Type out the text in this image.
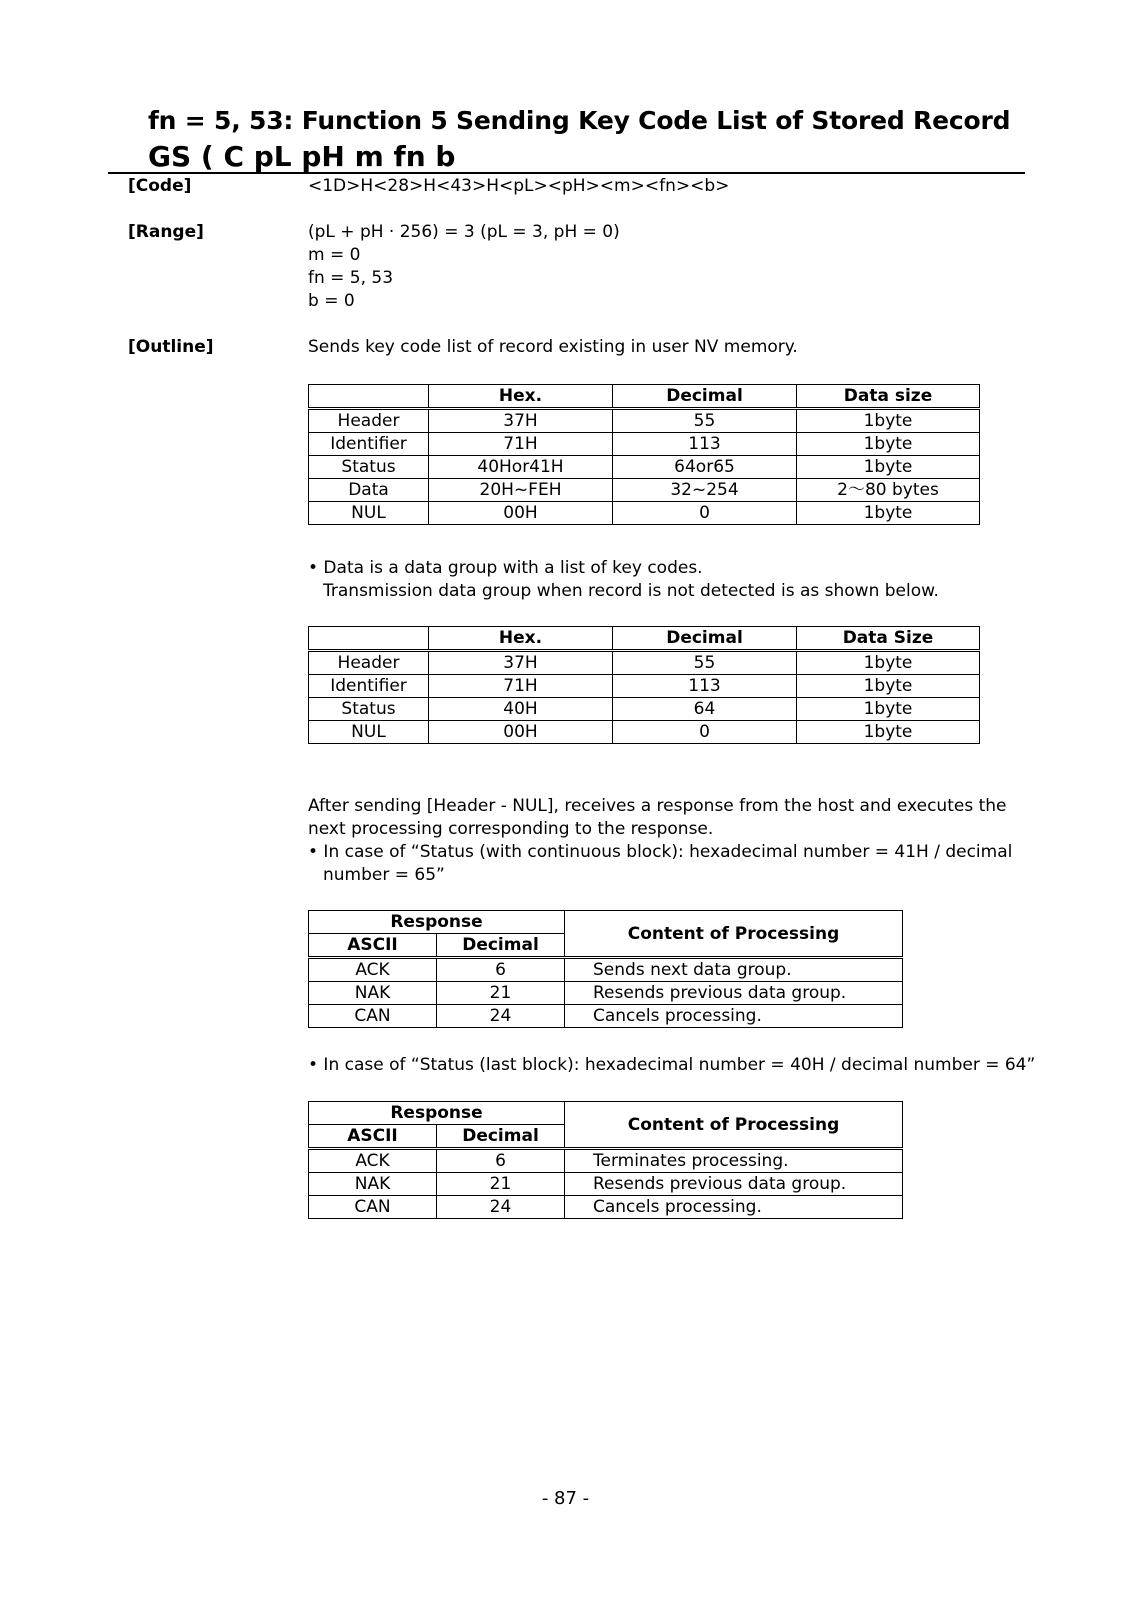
fn = 5, 53: Function 5 Sending Key Code List of Stored Record
GS ( C pL pH m fn b
[Code]	<1D>H<28>H<43>H<pL><pH><m><fn><b>
[Range]	(pL + pH · 256) = 3 (pL = 3, pH = 0)
m = 0
fn = 5, 53
b = 0
[Outline]	Sends key code list of record existing in user NV memory.
	Hex.	Decimal	Data size
Header	37H	55	1byte
Identifier	71H	113	1byte
Status	40Hor41H	64or65	1byte
Data	20H~FEH	32~254	2〜80 bytes
NUL	00H	0	1byte
• Data is a data group with a list of key codes.
Transmission data group when record is not detected is as shown below.
	Hex.	Decimal	Data Size
Header	37H	55	1byte
Identifier	71H	113	1byte
Status	40H	64	1byte
NUL	00H	0	1byte
After sending [Header - NUL], receives a response from the host and executes the
next processing corresponding to the response.
• In case of “Status (with continuous block): hexadecimal number = 41H / decimal
number = 65”
Response		Content of Processing
ASCII	Decimal	
ACK	6	Sends next data group.
NAK	21	Resends previous data group.
CAN	24	Cancels processing.
• In case of “Status (last block): hexadecimal number = 40H / decimal number = 64”
Response		Content of Processing
ASCII	Decimal	
ACK	6	Terminates processing.
NAK	21	Resends previous data group.
CAN	24	Cancels processing.
- 87 -
